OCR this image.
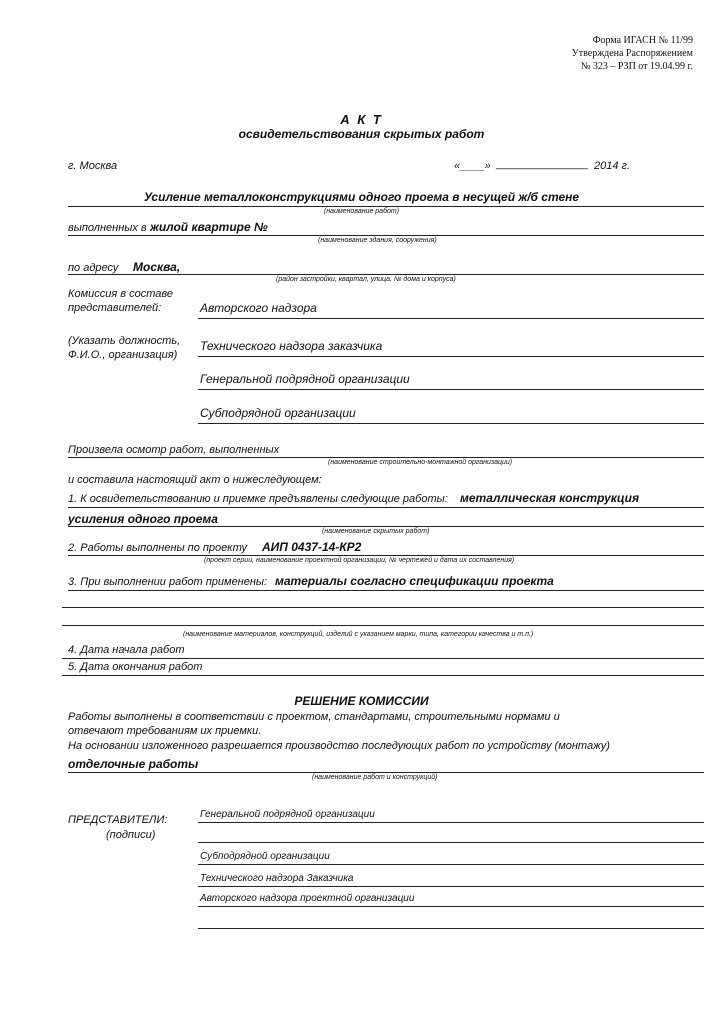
Форма ИГАСН № 11/99
Утверждена Распоряжением
№ 323 – РЗП от 19.04.99 г.
А К Т
освидетельствования скрытых работ
г. Москва	«____» _______________ 2014 г.
Усиление металлоконструкциями одного проема в несущей ж/б стене
(наименование работ)
выполненных в жилой квартире №
(наименование здания, сооружения)
по адресу Москва,
(район застройки, квартал, улица, № дома и корпуса)
Комиссия в составе
представителей:
(Указать должность,
Ф.И.О., организация)
Авторского надзора
Технического надзора заказчика
Генеральной подрядной организации
Субподрядной организации
Произвела осмотр работ, выполненных
(наименование строительно-монтажной организации)
и составила настоящий акт о нижеследующем:
1. К освидетельствованию и приемке предъявлены следующие работы: металлическая конструкция
усиления одного проема
(наименование скрытых работ)
2. Работы выполнены по проекту АИП 0437-14-КР2
(проект серии, наименование проектной организации, № чертежей и дата их составления)
3. При выполнении работ применены: материалы согласно спецификации проекта
(наименование материалов, конструкций, изделий с указанием марки, типа, категории качества и т.п.)
4. Дата начала работ
5. Дата окончания работ
РЕШЕНИЕ КОМИССИИ
Работы выполнены в соответствии с проектом, стандартами, строительными нормами и
отвечают требованиям их приемки.
На основании изложенного разрешается производство последующих работ по устройству (монтажу)
отделочные работы
(наименование работ и конструкций)
ПРЕДСТАВИТЕЛИ:
(подписи)
Генеральной подрядной организации
Субподрядной организации
Технического надзора Заказчика
Авторского надзора проектной организации
